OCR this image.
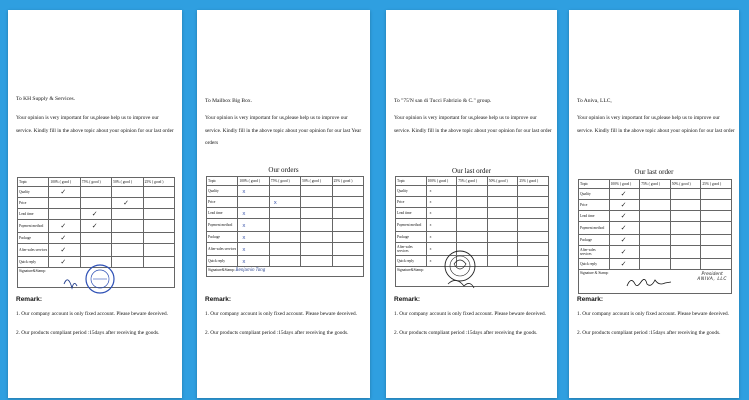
To KH Supply & Services.
Your opinion is very important for us,please help us to improve our service. Kindly fill in the above topic about your opinion for our last order
Topic	100% ( good )	75% ( good )	50% ( good )	25% ( good )
Quality	✓			
Price			✓	
Lead time		✓		
Payment method	✓	✓		
Package	✓			
After-sales services	✓			
Quick reply	✓			
Signature&Stamp:				
Remark:
1. Our company account is only fixed account. Please beware deceived.
2. Our products compliant period :15days after receiving the goods.
To Mailbox Big Box.
Your opinion is very important for us,please help us to improve our service. Kindly fill in the above topic about your opinion for our last Year orders
Our orders
Topic	100% ( good )	75% ( good )	50% ( good )	25% ( good )
Quality	X			
Price		X		
Lead time	X			
Payment method	X			
Package	X			
After-sales services	X			
Quick reply	X			
Signature&Stamp: Benjamin Tong				
Remark:
1. Our company account is only fixed account. Please beware deceived.
2. Our products compliant period :15days after receiving the goods.
To "75'N san di Tucci Fabrizio & C." group.
Your opinion is very important for us,please help us to improve our service. Kindly fill in the above topic about your opinion for our last order
Our last order
Topic	100% ( good )	75% ( good )	50% ( good )	25% ( good )
Quality	x			
Price	x			
Lead time	x			
Payment method	x			
Package	x			
After-sales services	x			
Quick reply	x			
Signature&Stamp:				
Remark:
1. Our company account is only fixed account. Please beware deceived.
2. Our products compliant period :15days after receiving the goods.
To Aniva, LLC,
Your opinion is very important for us,please help us to improve our service. Kindly fill in the above topic about your opinion for our last order
Our last order
Topic	100% ( good )	75% ( good )	50% ( good )	25% ( good )
Quality	✓			
Price	✓			
Lead time	✓			
Payment method	✓			
Package	✓			
After-sales services	✓			
Quick reply	✓			
Signature & Stamp: President
ANIVA, LLC				
Remark:
1. Our company account is only fixed account. Please beware deceived.
2. Our products compliant period :15days after receiving the goods.
